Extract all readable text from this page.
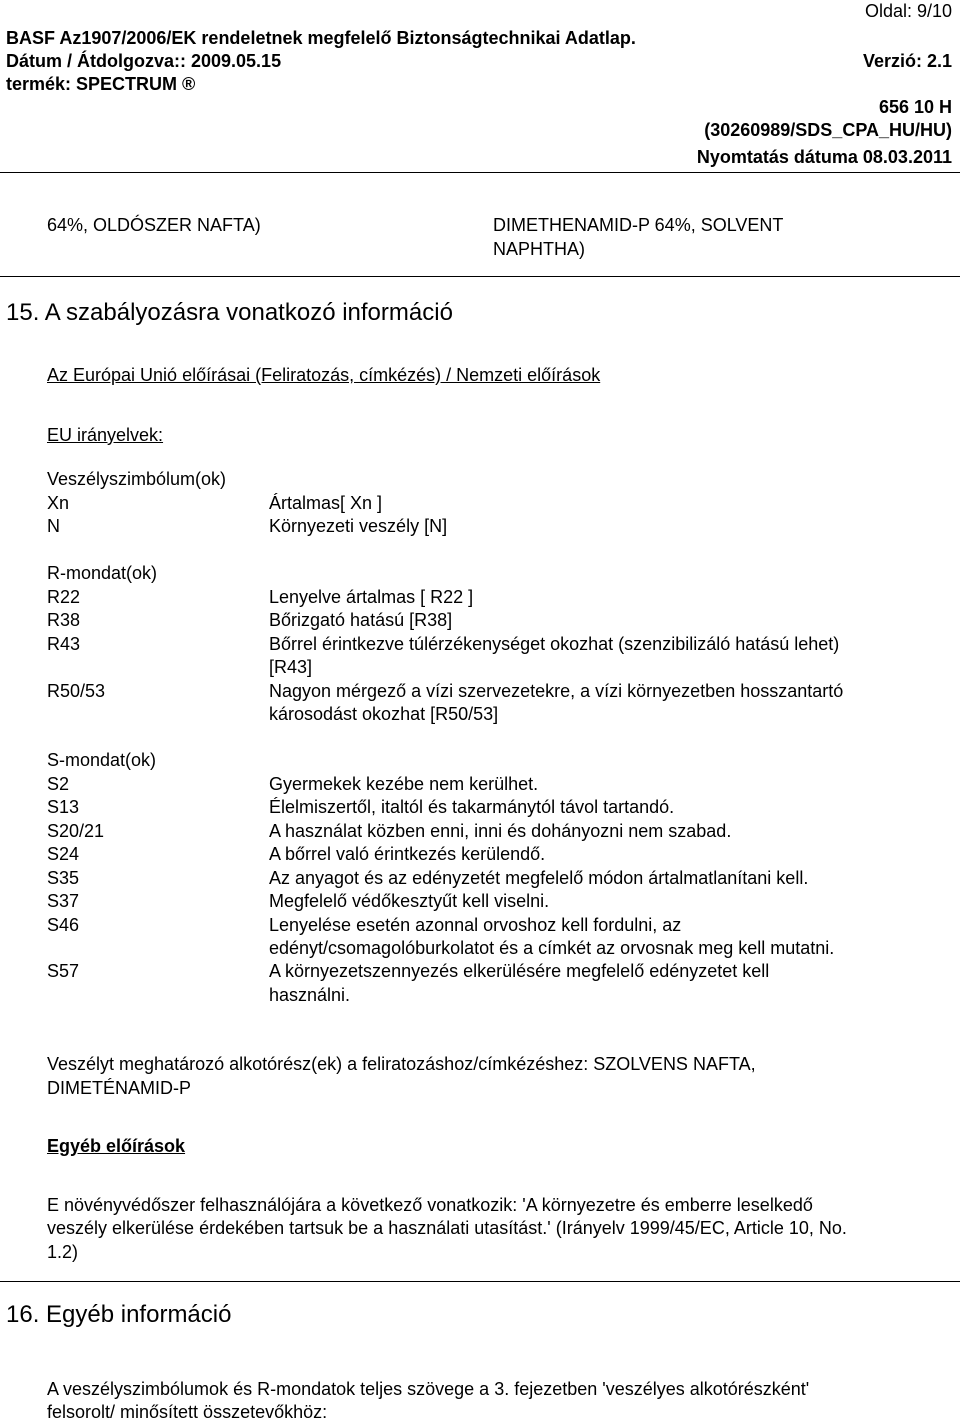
Oldal: 9/10
BASF Az1907/2006/EK rendeletnek megfelelő Biztonságtechnikai Adatlap.
Dátum / Átdolgozva:: 2009.05.15	Verzió: 2.1
termék: SPECTRUM ®
656 10 H
(30260989/SDS_CPA_HU/HU)
Nyomtatás dátuma 08.03.2011
64%, OLDÓSZER NAFTA)	DIMETHENAMID-P 64%, SOLVENT
NAPHTHA)
15. A szabályozásra vonatkozó információ
Az Európai Unió előírásai (Feliratozás, címkézés) / Nemzeti előírások
EU irányelvek:
Veszélyszimbólum(ok)
Xn	Ártalmas[ Xn ]
N	Környezeti veszély [N]
R-mondat(ok)
R22	Lenyelve ártalmas [ R22 ]
R38	Bőrizgató hatású [R38]
R43	Bőrrel érintkezve túlérzékenységet okozhat (szenzibilizáló hatású lehet)
[R43]
R50/53	Nagyon mérgező a vízi szervezetekre, a vízi környezetben hosszantartó
károsodást okozhat [R50/53]
S-mondat(ok)
S2	Gyermekek kezébe nem kerülhet.
S13	Élelmiszertől, italtól és takarmánytól távol tartandó.
S20/21	A használat közben enni, inni és dohányozni nem szabad.
S24	A bőrrel való érintkezés kerülendő.
S35	Az anyagot és az edényzetét megfelelő módon ártalmatlanítani kell.
S37	Megfelelő védőkesztyűt kell viselni.
S46	Lenyelése esetén azonnal orvoshoz kell fordulni, az
edényt/csomagolóburkolatot és a címkét az orvosnak meg kell mutatni.
S57	A környezetszennyezés elkerülésére megfelelő edényzetet kell
használni.
Veszélyt meghatározó alkotórész(ek) a feliratozáshoz/címkézéshez: SZOLVENS NAFTA,
DIMETÉNAMID-P
Egyéb előírások
E növényvédőszer felhasználójára a következő vonatkozik: 'A környezetre és emberre leselkedő
veszély elkerülése érdekében tartsuk be a használati utasítást.' (Irányelv 1999/45/EC, Article 10, No.
1.2)
16. Egyéb információ
A veszélyszimbólumok és R-mondatok teljes szövege a 3. fejezetben 'veszélyes alkotórészként'
felsorolt/ minősített összetevőkhöz:
